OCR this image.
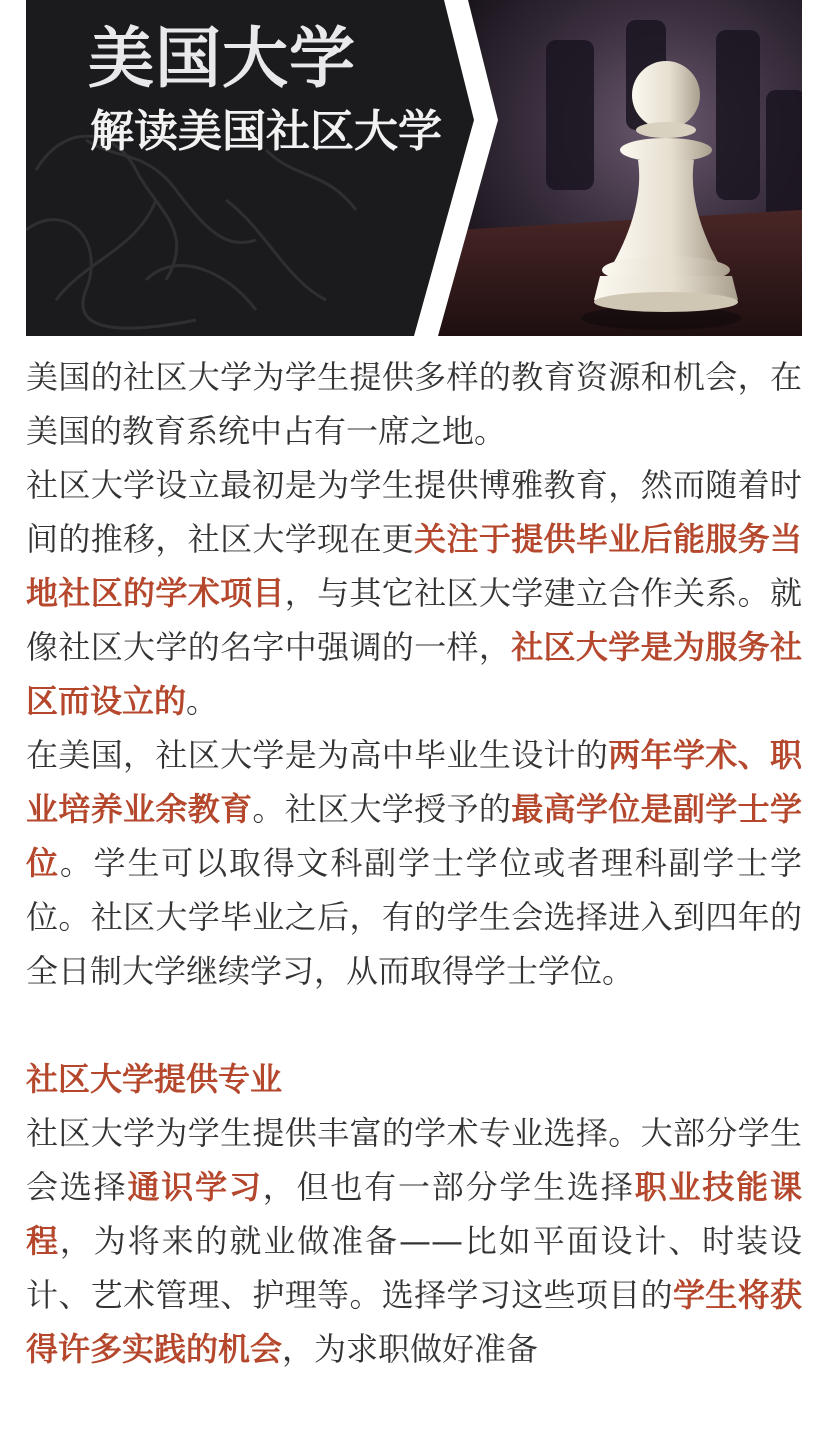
美国大学
解读美国社区大学

美国的社区大学为学生提供多样的教育资源和机会，在美国的教育系统中占有一席之地。

社区大学设立最初是为学生提供博雅教育，然而随着时间的推移，社区大学现在更关注于提供毕业后能服务当地社区的学术项目，与其它社区大学建立合作关系。就像社区大学的名字中强调的一样，社区大学是为服务社区而设立的。

在美国，社区大学是为高中毕业生设计的两年学术、职业培养业余教育。社区大学授予的最高学位是副学士学位。学生可以取得文科副学士学位或者理科副学士学位。社区大学毕业之后，有的学生会选择进入到四年的全日制大学继续学习，从而取得学士学位。

社区大学提供专业

社区大学为学生提供丰富的学术专业选择。大部分学生会选择通识学习，但也有一部分学生选择职业技能课程，为将来的就业做准备——比如平面设计、时装设计、艺术管理、护理等。选择学习这些项目的学生将获得许多实践的机会，为求职做好准备
